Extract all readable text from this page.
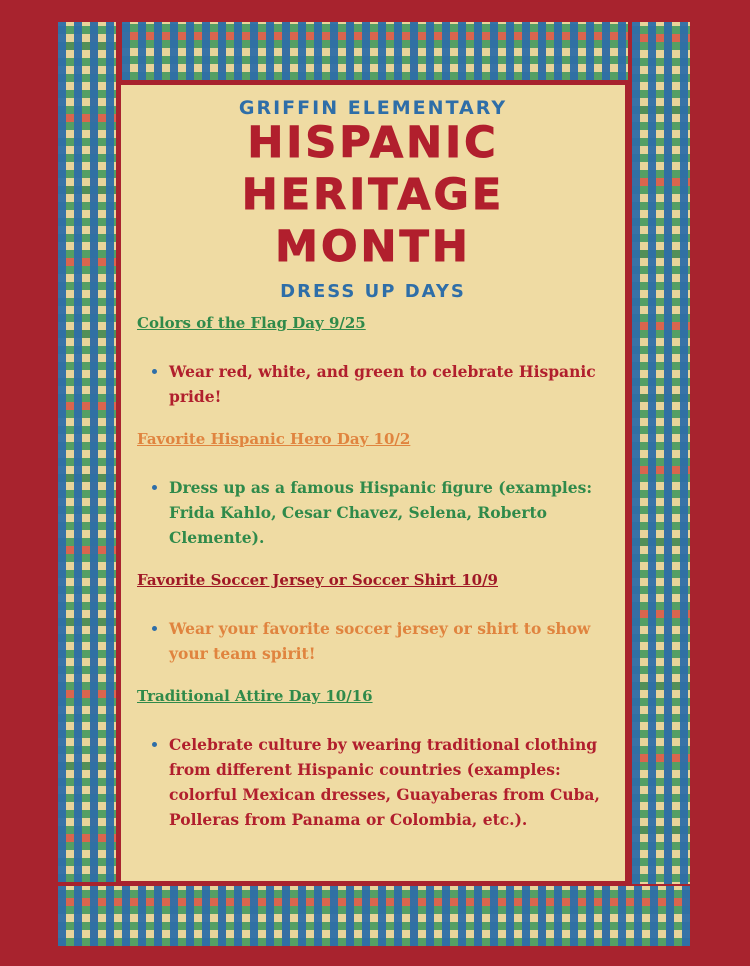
GRIFFIN ELEMENTARY
HISPANIC
HERITAGE
MONTH
DRESS UP DAYS
Colors of the Flag Day 9/25
• Wear red, white, and green to celebrate Hispanic pride!
Favorite Hispanic Hero Day 10/2
• Dress up as a famous Hispanic figure (examples: Frida Kahlo, Cesar Chavez, Selena, Roberto Clemente).
Favorite Soccer Jersey or Soccer Shirt 10/9
• Wear your favorite soccer jersey or shirt to show your team spirit!
Traditional Attire Day 10/16
• Celebrate culture by wearing traditional clothing from different Hispanic countries (examples: colorful Mexican dresses, Guayaberas from Cuba, Polleras from Panama or Colombia, etc.).
